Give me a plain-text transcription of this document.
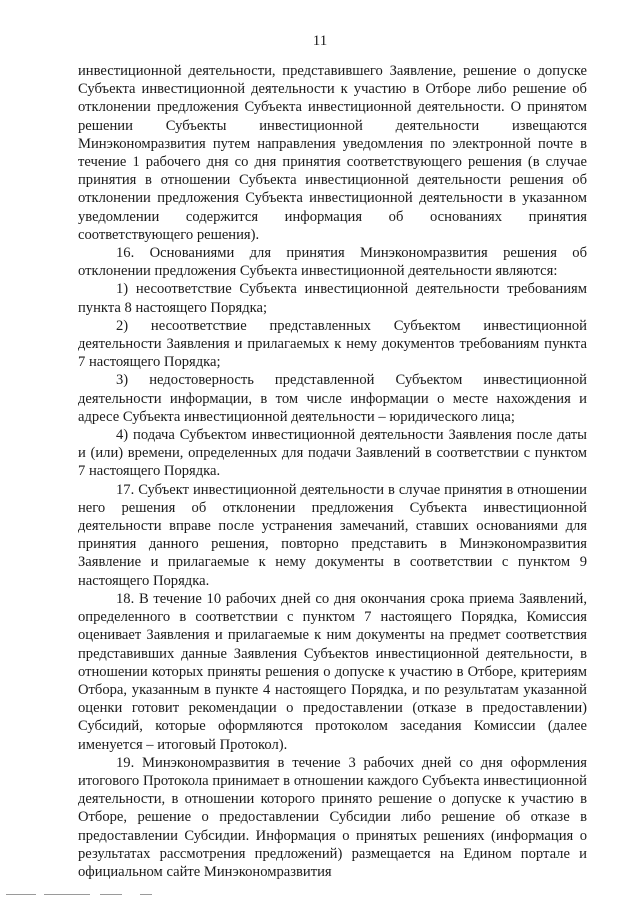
11

инвестиционной деятельности, представившего Заявление, решение о допуске Субъекта инвестиционной деятельности к участию в Отборе либо решение об отклонении предложения Субъекта инвестиционной деятельности. О принятом решении Субъекты инвестиционной деятельности извещаются Минэкономразвития путем направления уведомления по электронной почте в течение 1 рабочего дня со дня принятия соответствующего решения (в случае принятия в отношении Субъекта инвестиционной деятельности решения об отклонении предложения Субъекта инвестиционной деятельности в указанном уведомлении содержится информация об основаниях принятия соответствующего решения).

16. Основаниями для принятия Минэкономразвития решения об отклонении предложения Субъекта инвестиционной деятельности являются:

1) несоответствие Субъекта инвестиционной деятельности требованиям пункта 8 настоящего Порядка;

2) несоответствие представленных Субъектом инвестиционной деятельности Заявления и прилагаемых к нему документов требованиям пункта 7 настоящего Порядка;

3) недостоверность представленной Субъектом инвестиционной деятельности информации, в том числе информации о месте нахождения и адресе Субъекта инвестиционной деятельности – юридического лица;

4) подача Субъектом инвестиционной деятельности Заявления после даты и (или) времени, определенных для подачи Заявлений в соответствии с пунктом 7 настоящего Порядка.

17. Субъект инвестиционной деятельности в случае принятия в отношении него решения об отклонении предложения Субъекта инвестиционной деятельности вправе после устранения замечаний, ставших основаниями для принятия данного решения, повторно представить в Минэкономразвития Заявление и прилагаемые к нему документы в соответствии с пунктом 9 настоящего Порядка.

18. В течение 10 рабочих дней со дня окончания срока приема Заявлений, определенного в соответствии с пунктом 7 настоящего Порядка, Комиссия оценивает Заявления и прилагаемые к ним документы на предмет соответствия представивших данные Заявления Субъектов инвестиционной деятельности, в отношении которых приняты решения о допуске к участию в Отборе, критериям Отбора, указанным в пункте 4 настоящего Порядка, и по результатам указанной оценки готовит рекомендации о предоставлении (отказе в предоставлении) Субсидий, которые оформляются протоколом заседания Комиссии (далее именуется – итоговый Протокол).

19. Минэкономразвития в течение 3 рабочих дней со дня оформления итогового Протокола принимает в отношении каждого Субъекта инвестиционной деятельности, в отношении которого принято решение о допуске к участию в Отборе, решение о предоставлении Субсидии либо решение об отказе в предоставлении Субсидии. Информация о принятых решениях (информация о результатах рассмотрения предложений) размещается на Едином портале и официальном сайте Минэкономразвития
